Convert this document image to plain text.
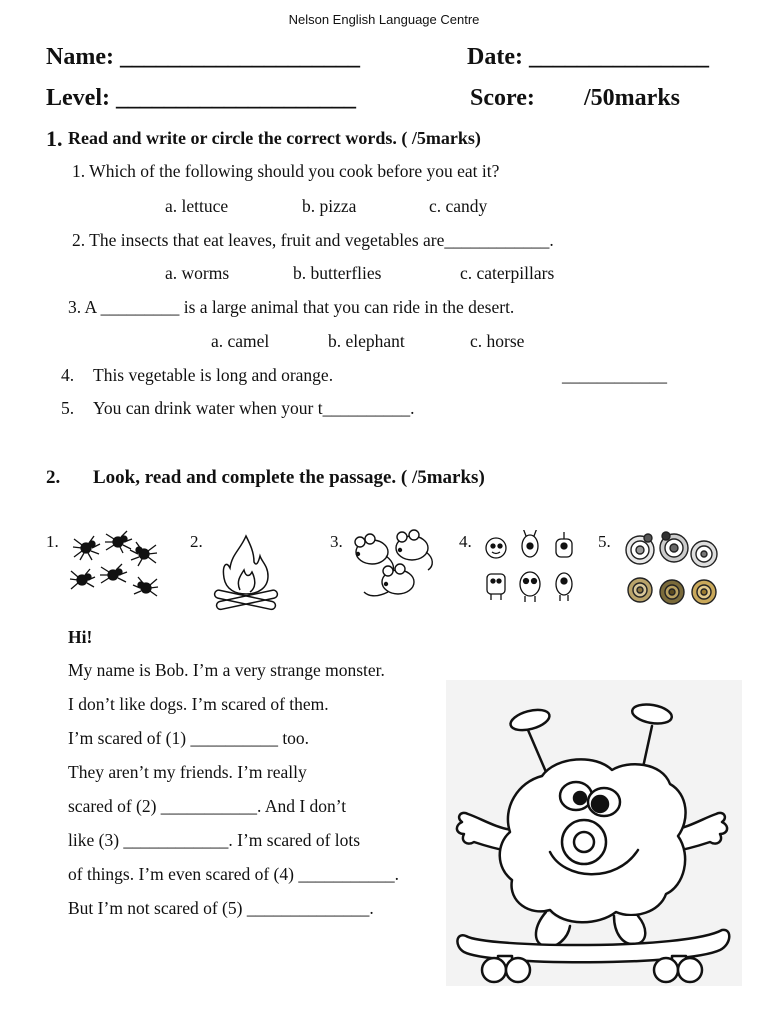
Nelson English Language Centre
Name: ____________________	Date: _______________
Level: ____________________	Score: /50marks
1. Read and write or circle the correct words. ( /5marks)
1. Which of the following should you cook before you eat it?
a. lettuce	b. pizza	c. candy
2. The insects that eat leaves, fruit and vegetables are____________.
a. worms	b. butterflies	c. caterpillars
3. A _________ is a large animal that you can ride in the desert.
a. camel	b. elephant	c. horse
4. This vegetable is long and orange.	____________
5. You can drink water when your t__________.
2. Look, read and complete the passage. ( /5marks)
1.	2.	3.	4.	5.
Hi!
My name is Bob. I’m a very strange monster.
I don’t like dogs. I’m scared of them.
I’m scared of (1) __________ too.
They aren’t my friends. I’m really
scared of (2) ___________. And I don’t
like (3) ____________. I’m scared of lots
of things. I’m even scared of (4) ___________.
But I’m not scared of (5) ______________.
